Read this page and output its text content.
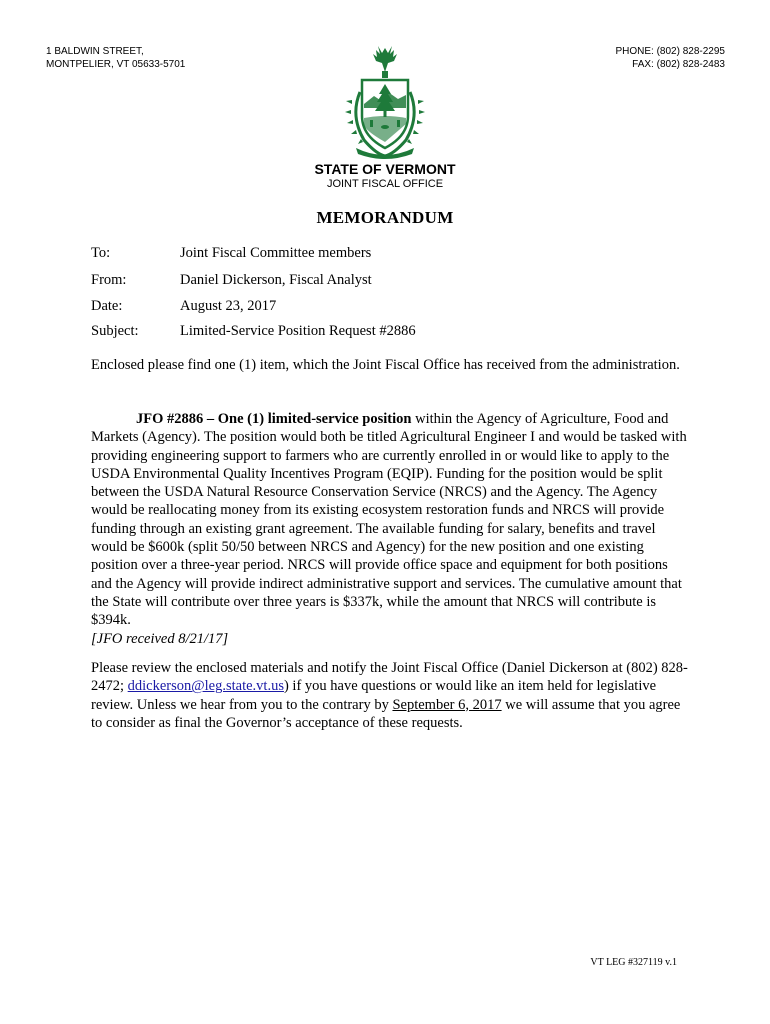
1 BALDWIN STREET,
MONTPELIER, VT 05633-5701
PHONE: (802) 828-2295
FAX: (802) 828-2483
STATE OF VERMONT
JOINT FISCAL OFFICE
MEMORANDUM
To:	Joint Fiscal Committee members
From:	Daniel Dickerson, Fiscal Analyst
Date:	August 23, 2017
Subject:	Limited-Service Position Request #2886
Enclosed please find one (1) item, which the Joint Fiscal Office has received from the administration.
JFO #2886 – One (1) limited-service position within the Agency of Agriculture, Food and Markets (Agency). The position would both be titled Agricultural Engineer I and would be tasked with providing engineering support to farmers who are currently enrolled in or would like to apply to the USDA Environmental Quality Incentives Program (EQIP). Funding for the position would be split between the USDA Natural Resource Conservation Service (NRCS) and the Agency. The Agency would be reallocating money from its existing ecosystem restoration funds and NRCS will provide funding through an existing grant agreement. The available funding for salary, benefits and travel would be $600k (split 50/50 between NRCS and Agency) for the new position and one existing position over a three-year period. NRCS will provide office space and equipment for both positions and the Agency will provide indirect administrative support and services. The cumulative amount that the State will contribute over three years is $337k, while the amount that NRCS will contribute is $394k.
[JFO received 8/21/17]
Please review the enclosed materials and notify the Joint Fiscal Office (Daniel Dickerson at (802) 828-2472; ddickerson@leg.state.vt.us) if you have questions or would like an item held for legislative review. Unless we hear from you to the contrary by September 6, 2017 we will assume that you agree to consider as final the Governor’s acceptance of these requests.
VT LEG #327119 v.1
